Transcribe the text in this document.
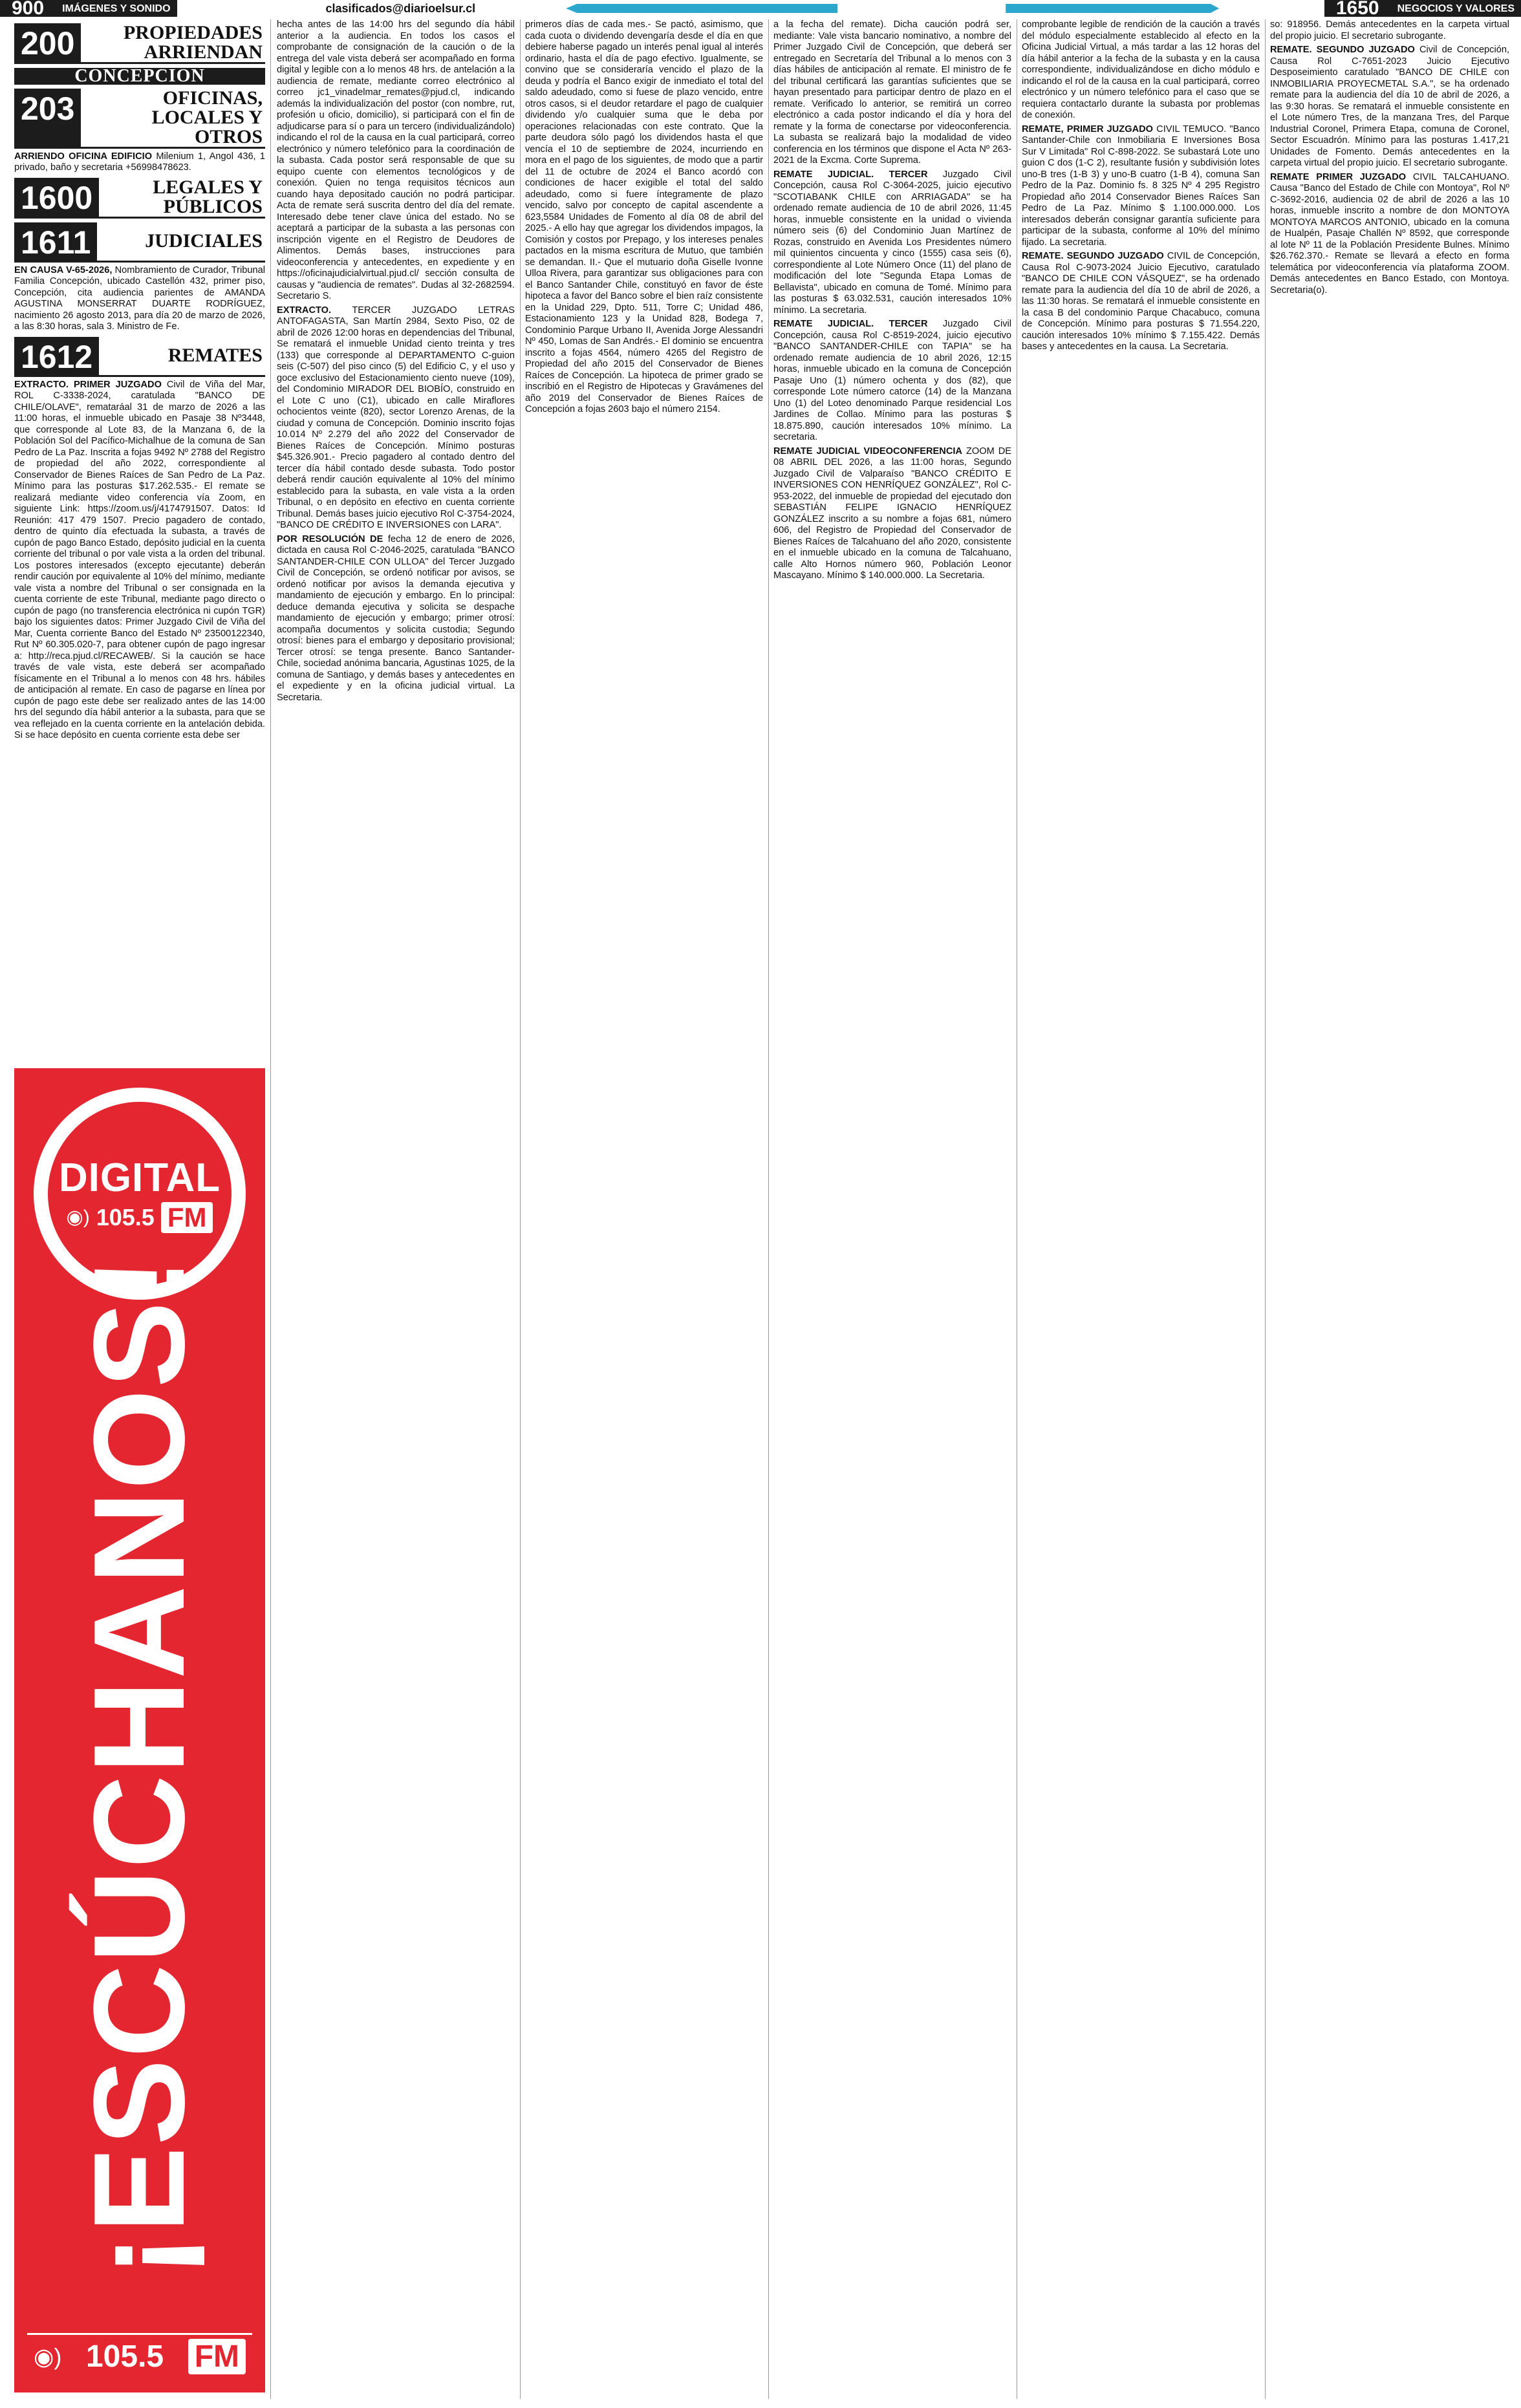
900	IMÁGENES Y SONIDO	clasificados@diarioelsur.cl	1650	NEGOCIOS Y VALORES
200	PROPIEDADES ARRIENDAN
CONCEPCION
203	OFICINAS, LOCALES Y OTROS

ARRIENDO OFICINA EDIFICIO Milenium 1, Angol 436, 1 privado, baño y secretaria +56998478623.

1600	LEGALES Y PÚBLICOS
1611	JUDICIALES

EN CAUSA V-65-2026, Nombramiento de Curador, Tribunal Familia Concepción, ubicado Castellón 432, primer piso, Concepción, cita audiencia parientes de AMANDA AGUSTINA MONSERRAT DUARTE RODRÍGUEZ, nacimiento 26 agosto 2013, para día 20 de marzo de 2026, a las 8:30 horas, sala 3. Ministro de Fe.

1612	REMATES

EXTRACTO. PRIMER JUZGADO Civil de Viña del Mar, ROL C-3338-2024, caratulada "BANCO DE CHILE/OLAVE", remataráal 31 de marzo de 2026 a las 11:00 horas, el inmueble ubicado en Pasaje 38 Nº3448, que corresponde al Lote 83, de la Manzana 6, de la Población Sol del Pacífico-Michalhue de la comuna de San Pedro de La Paz. Inscrita a fojas 9492 Nº 2788 del Registro de propiedad del año 2022, correspondiente al Conservador de Bienes Raíces de San Pedro de La Paz. Mínimo para las posturas $17.262.535.- El remate se realizará mediante video conferencia vía Zoom, en siguiente Link: https://zoom.us/j/4174791507. Datos: Id Reunión: 417 479 1507. Precio pagadero de contado, dentro de quinto día efectuada la subasta, a través de cupón de pago Banco Estado, depósito judicial en la cuenta corriente del tribunal o por vale vista a la orden del tribunal. Los postores interesados (excepto ejecutante) deberán rendir caución por equivalente al 10% del mínimo, mediante vale vista a nombre del Tribunal o ser consignada en la cuenta corriente de este Tribunal, mediante pago directo o cupón de pago (no transferencia electrónica ni cupón TGR) bajo los siguientes datos: Primer Juzgado Civil de Viña del Mar, Cuenta corriente Banco del Estado Nº 23500122340, Rut Nº 60.305.020-7, para obtener cupón de pago ingresar a: http://reca.pjud.cl/RECAWEB/. Si la caución se hace través de vale vista, este deberá ser acompañado físicamente en el Tribunal a lo menos con 48 hrs. hábiles de anticipación al remate. En caso de pagarse en línea por cupón de pago este debe ser realizado antes de las 14:00 hrs del segundo día hábil anterior a la subasta, para que se vea reflejado en la cuenta corriente en la antelación debida. Si se hace depósito en cuenta corriente esta debe ser

DIGITAL
◉) 105.5 FM
¡ESCÚCHANOS!
◉) 105.5 FM

hecha antes de las 14:00 hrs del segundo día hábil anterior a la audiencia. En todos los casos el comprobante de consignación de la caución o de la entrega del vale vista deberá ser acompañado en forma digital y legible con a lo menos 48 hrs. de antelación a la audiencia de remate, mediante correo electrónico al correo jc1_vinadelmar_remates@pjud.cl, indicando además la individualización del postor (con nombre, rut, profesión u oficio, domicilio), si participará con el fin de adjudicarse para sí o para un tercero (individualizándolo) indicando el rol de la causa en la cual participará, correo electrónico y número telefónico para la coordinación de la subasta. Cada postor será responsable de que su equipo cuente con elementos tecnológicos y de conexión. Quien no tenga requisitos técnicos aun cuando haya depositado caución no podrá participar. Acta de remate será suscrita dentro del día del remate. Interesado debe tener clave única del estado. No se aceptará a participar de la subasta a las personas con inscripción vigente en el Registro de Deudores de Alimentos. Demás bases, instrucciones para videoconferencia y antecedentes, en expediente y en https://oficinajudicialvirtual.pjud.cl/ sección consulta de causas y "audiencia de remates". Dudas al 32-2682594. Secretario S.

EXTRACTO. TERCER JUZGADO LETRAS ANTOFAGASTA, San Martín 2984, Sexto Piso, 02 de abril de 2026 12:00 horas en dependencias del Tribunal, Se rematará el inmueble Unidad ciento treinta y tres (133) que corresponde al DEPARTAMENTO C-guion seis (C-507) del piso cinco (5) del Edificio C, y el uso y goce exclusivo del Estacionamiento ciento nueve (109), del Condominio MIRADOR DEL BIOBÍO, construido en el Lote C uno (C1), ubicado en calle Miraflores ochocientos veinte (820), sector Lorenzo Arenas, de la ciudad y comuna de Concepción. Dominio inscrito fojas 10.014 Nº 2.279 del año 2022 del Conservador de Bienes Raíces de Concepción. Mínimo posturas $45.326.901.- Precio pagadero al contado dentro del tercer día hábil contado desde subasta. Todo postor deberá rendir caución equivalente al 10% del mínimo establecido para la subasta, en vale vista a la orden Tribunal, o en depósito en efectivo en cuenta corriente Tribunal. Demás bases juicio ejecutivo Rol C-3754-2024, "BANCO DE CRÉDITO E INVERSIONES con LARA".

POR RESOLUCIÓN DE fecha 12 de enero de 2026, dictada en causa Rol C-2046-2025, caratulada "BANCO SANTANDER-CHILE CON ULLOA" del Tercer Juzgado Civil de Concepción, se ordenó notificar por avisos, se ordenó notificar por avisos la demanda ejecutiva y mandamiento de ejecución y embargo. En lo principal: deduce demanda ejecutiva y solicita se despache mandamiento de ejecución y embargo; primer otrosí: acompaña documentos y solicita custodia; Segundo otrosí: bienes para el embargo y depositario provisional; Tercer otrosí: se tenga presente. Banco Santander-Chile, sociedad anónima bancaria, Agustinas 1025, de la comuna de Santiago, y demás bases y antecedentes en el expediente y en la oficina judicial virtual. La Secretaria.

primeros días de cada mes.- Se pactó, asimismo, que cada cuota o dividendo devengaría desde el día en que debiere haberse pagado un interés penal igual al interés ordinario, hasta el día de pago efectivo. Igualmente, se convino que se consideraría vencido el plazo de la deuda y podría el Banco exigir de inmediato el total del saldo adeudado, como si fuese de plazo vencido, entre otros casos, si el deudor retardare el pago de cualquier dividendo y/o cualquier suma que le deba por operaciones relacionadas con este contrato. Que la parte deudora sólo pagó los dividendos hasta el que vencía el 10 de septiembre de 2024, incurriendo en mora en el pago de los siguientes, de modo que a partir del 11 de octubre de 2024 el Banco acordó con condiciones de hacer exigible el total del saldo adeudado, como si fuere íntegramente de plazo vencido, salvo por concepto de capital ascendente a 623,5584 Unidades de Fomento al día 08 de abril del 2025.- A ello hay que agregar los dividendos impagos, la Comisión y costos por Prepago, y los intereses penales pactados en la misma escritura de Mutuo, que también se demandan. II.- Que el mutuario doña Giselle Ivonne Ulloa Rivera, para garantizar sus obligaciones para con el Banco Santander Chile, constituyó en favor de éste hipoteca a favor del Banco sobre el bien raíz consistente en la Unidad 229, Dpto. 511, Torre C; Unidad 486, Estacionamiento 123 y la Unidad 828, Bodega 7, Condominio Parque Urbano II, Avenida Jorge Alessandri Nº 450, Lomas de San Andrés.- El dominio se encuentra inscrito a fojas 4564, número 4265 del Registro de Propiedad del año 2015 del Conservador de Bienes Raíces de Concepción. La hipoteca de primer grado se inscribió en el Registro de Hipotecas y Gravámenes del año 2019 del Conservador de Bienes Raíces de Concepción a fojas 2603 bajo el número 2154.

a la fecha del remate). Dicha caución podrá ser, mediante: Vale vista bancario nominativo, a nombre del Primer Juzgado Civil de Concepción, que deberá ser entregado en Secretaría del Tribunal a lo menos con 3 días hábiles de anticipación al remate. El ministro de fe del tribunal certificará las garantías suficientes que se hayan presentado para participar dentro de plazo en el remate. Verificado lo anterior, se remitirá un correo electrónico a cada postor indicando el día y hora del remate y la forma de conectarse por videoconferencia. La subasta se realizará bajo la modalidad de video conferencia en los términos que dispone el Acta Nº 263-2021 de la Excma. Corte Suprema.

REMATE JUDICIAL. TERCER Juzgado Civil Concepción, causa Rol C-3064-2025, juicio ejecutivo "SCOTIABANK CHILE con ARRIAGADA" se ha ordenado remate audiencia de 10 de abril 2026, 11:45 horas, inmueble consistente en la unidad o vivienda número seis (6) del Condominio Juan Martínez de Rozas, construido en Avenida Los Presidentes número mil quinientos cincuenta y cinco (1555) casa seis (6), correspondiente al Lote Número Once (11) del plano de modificación del lote "Segunda Etapa Lomas de Bellavista", ubicado en comuna de Tomé. Mínimo para las posturas $ 63.032.531, caución interesados 10% mínimo. La secretaria.

REMATE JUDICIAL. TERCER Juzgado Civil Concepción, causa Rol C-8519-2024, juicio ejecutivo "BANCO SANTANDER-CHILE con TAPIA" se ha ordenado remate audiencia de 10 abril 2026, 12:15 horas, inmueble ubicado en la comuna de Concepción Pasaje Uno (1) número ochenta y dos (82), que corresponde Lote número catorce (14) de la Manzana Uno (1) del Loteo denominado Parque residencial Los Jardines de Collao. Mínimo para las posturas $ 18.875.890, caución interesados 10% mínimo. La secretaria.

REMATE JUDICIAL VIDEOCONFERENCIA ZOOM DE 08 ABRIL DEL 2026, a las 11:00 horas, Segundo Juzgado Civil de Valparaíso "BANCO CRÉDITO E INVERSIONES CON HENRÍQUEZ GONZÁLEZ", Rol C-953-2022, del inmueble de propiedad del ejecutado don SEBASTIÁN FELIPE IGNACIO HENRÍQUEZ GONZÁLEZ inscrito a su nombre a fojas 681, número 606, del Registro de Propiedad del Conservador de Bienes Raíces de Talcahuano del año 2020, consistente en el inmueble ubicado en la comuna de Talcahuano, calle Alto Hornos número 960, Población Leonor Mascayano. Mínimo $ 140.000.000. La Secretaria.

comprobante legible de rendición de la caución a través del módulo especialmente establecido al efecto en la Oficina Judicial Virtual, a más tardar a las 12 horas del día hábil anterior a la fecha de la subasta y en la causa correspondiente, individualizándose en dicho módulo e indicando el rol de la causa en la cual participará, correo electrónico y un número telefónico para el caso que se requiera contactarlo durante la subasta por problemas de conexión.

REMATE, PRIMER JUZGADO CIVIL TEMUCO. "Banco Santander-Chile con Inmobiliaria E Inversiones Bosa Sur V Limitada" Rol C-898-2022. Se subastará Lote uno guion C dos (1-C 2), resultante fusión y subdivisión lotes uno-B tres (1-B 3) y uno-B cuatro (1-B 4), comuna San Pedro de la Paz. Dominio fs. 8 325 Nº 4 295 Registro Propiedad año 2014 Conservador Bienes Raíces San Pedro de La Paz. Mínimo $ 1.100.000.000. Los interesados deberán consignar garantía suficiente para participar de la subasta, conforme al 10% del mínimo fijado. La secretaria.

REMATE. SEGUNDO JUZGADO CIVIL de Concepción, Causa Rol C-9073-2024 Juicio Ejecutivo, caratulado "BANCO DE CHILE CON VÁSQUEZ", se ha ordenado remate para la audiencia del día 10 de abril de 2026, a las 11:30 horas. Se rematará el inmueble consistente en la casa B del condominio Parque Chacabuco, comuna de Concepción. Mínimo para posturas $ 71.554.220, caución interesados 10% mínimo $ 7.155.422. Demás bases y antecedentes en la causa. La Secretaria.

so: 918956. Demás antecedentes en la carpeta virtual del propio juicio. El secretario subrogante.

REMATE. SEGUNDO JUZGADO Civil de Concepción, Causa Rol C-7651-2023 Juicio Ejecutivo Desposeimiento caratulado "BANCO DE CHILE con INMOBILIARIA PROYECMETAL S.A.", se ha ordenado remate para la audiencia del día 10 de abril de 2026, a las 9:30 horas. Se rematará el inmueble consistente en el Lote número Tres, de la manzana Tres, del Parque Industrial Coronel, Primera Etapa, comuna de Coronel, Sector Escuadrón. Mínimo para las posturas 1.417,21 Unidades de Fomento. Demás antecedentes en la carpeta virtual del propio juicio. El secretario subrogante.

REMATE PRIMER JUZGADO CIVIL TALCAHUANO. Causa "Banco del Estado de Chile con Montoya", Rol Nº C-3692-2016, audiencia 02 de abril de 2026 a las 10 horas, inmueble inscrito a nombre de don MONTOYA MONTOYA MARCOS ANTONIO, ubicado en la comuna de Hualpén, Pasaje Challén Nº 8592, que corresponde al lote Nº 11 de la Población Presidente Bulnes. Mínimo $26.762.370.- Remate se llevará a efecto en forma telemática por videoconferencia vía plataforma ZOOM. Demás antecedentes en Banco Estado, con Montoya. Secretaria(o).
